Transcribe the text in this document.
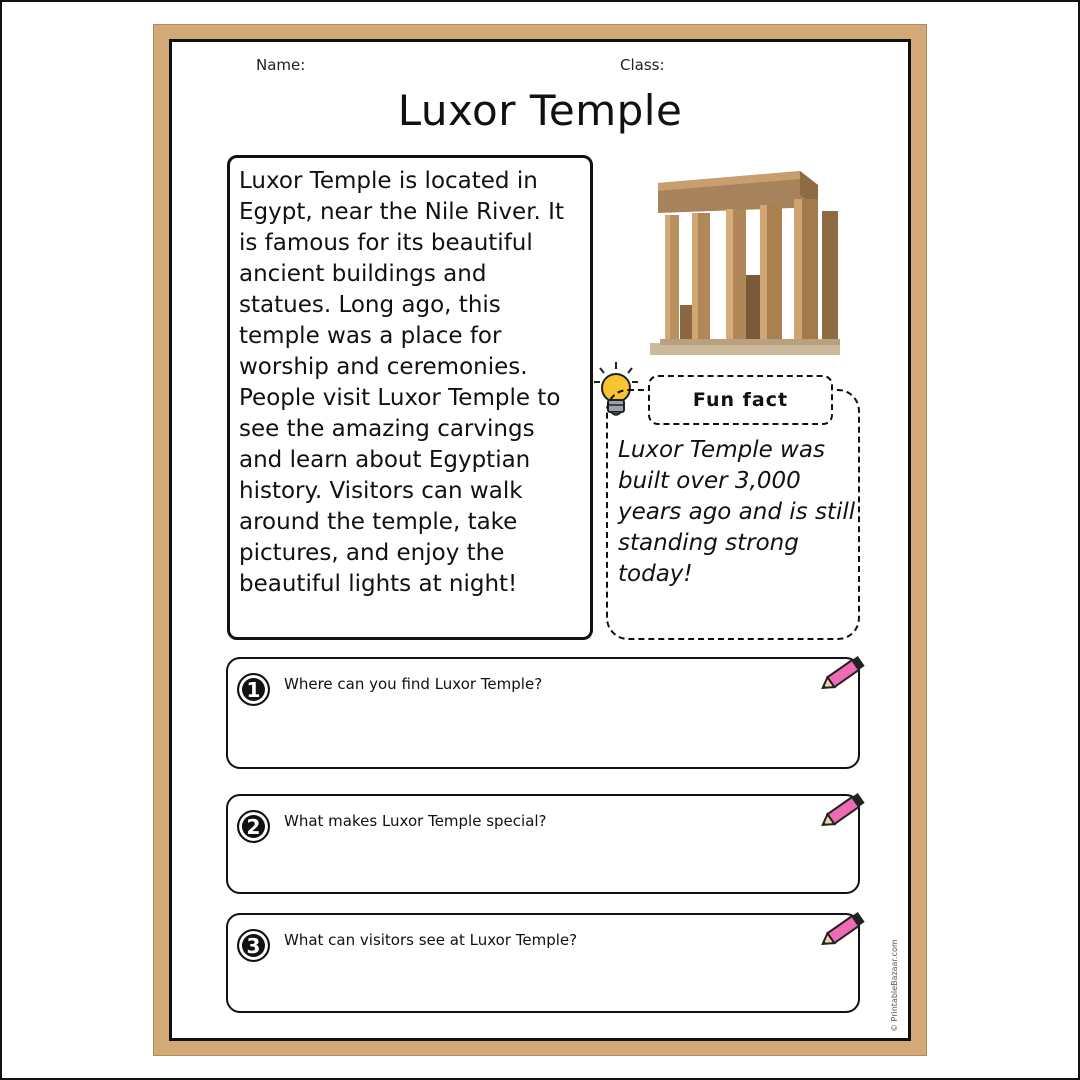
Name:	Class:
Luxor Temple

Luxor Temple is located in Egypt, near the Nile River. It is famous for its beautiful ancient buildings and statues. Long ago, this temple was a place for worship and ceremonies. People visit Luxor Temple to see the amazing carvings and learn about Egyptian history. Visitors can walk around the temple, take pictures, and enjoy the beautiful lights at night!

Fun fact
Luxor Temple was built over 3,000 years ago and is still standing strong today!
1	Where can you find Luxor Temple?
2	What makes Luxor Temple special?
3	What can visitors see at Luxor Temple?	© PrintableBazaar.com
